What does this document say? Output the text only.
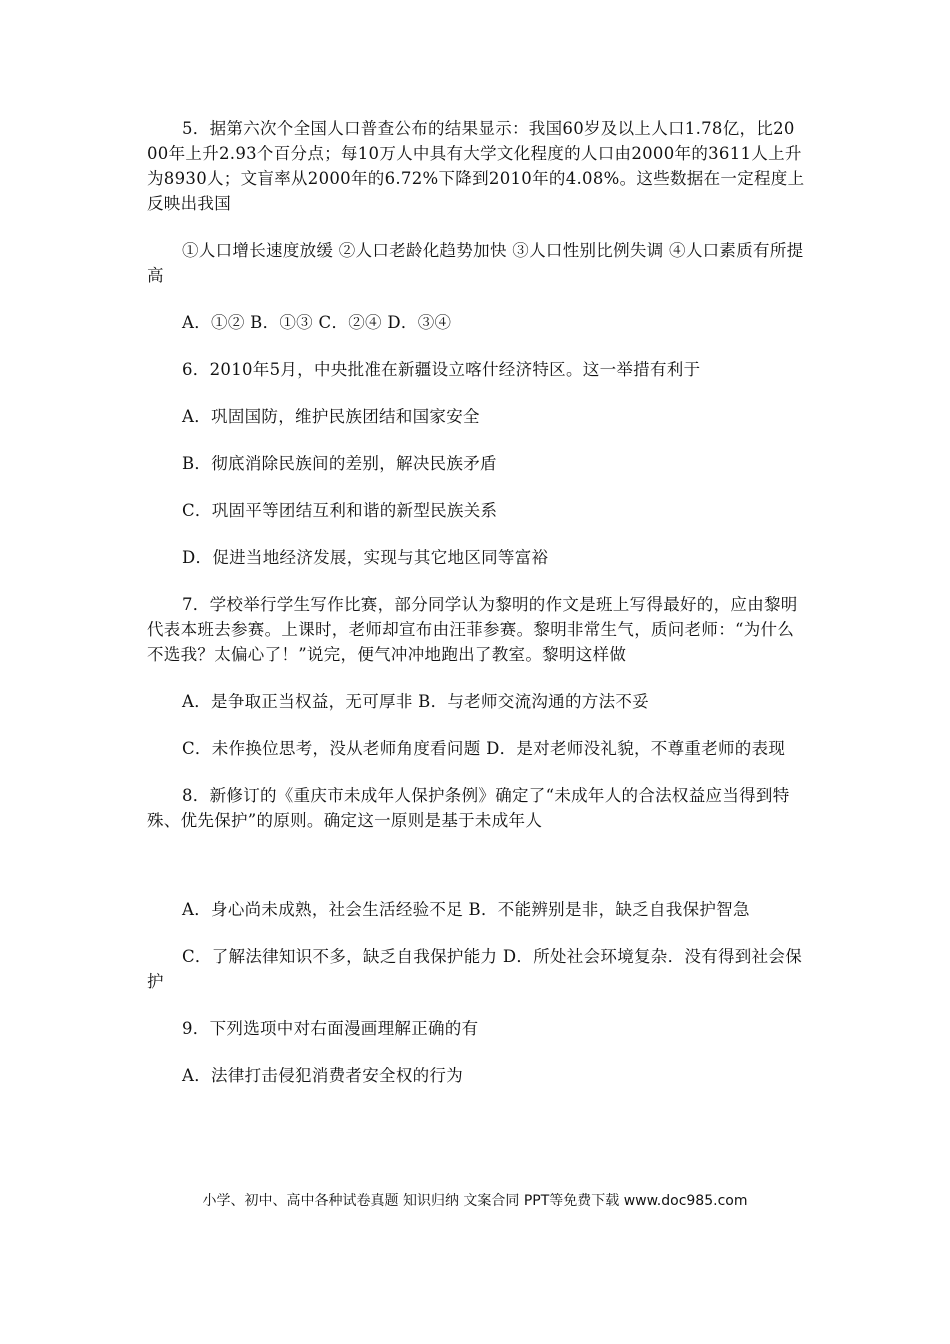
5．据第六次个全国人口普查公布的结果显示：我国60岁及以上人口1.78亿，比2000年上升2.93个百分点；每10万人中具有大学文化程度的人口由2000年的3611人上升为8930人；文盲率从2000年的6.72%下降到2010年的4.08%。这些数据在一定程度上反映出我国

①人口增长速度放缓 ②人口老龄化趋势加快 ③人口性别比例失调 ④人口素质有所提高

A．①② B．①③ C．②④ D．③④

6．2010年5月，中央批准在新疆设立喀什经济特区。这一举措有利于

A．巩固国防，维护民族团结和国家安全

B．彻底消除民族间的差别，解决民族矛盾

C．巩固平等团结互利和谐的新型民族关系

D．促进当地经济发展，实现与其它地区同等富裕

7．学校举行学生写作比赛，部分同学认为黎明的作文是班上写得最好的，应由黎明代表本班去参赛。上课时，老师却宣布由汪菲参赛。黎明非常生气，质问老师：“为什么不选我？太偏心了！”说完，便气冲冲地跑出了教室。黎明这样做

A．是争取正当权益，无可厚非 B．与老师交流沟通的方法不妥

C．未作换位思考，没从老师角度看问题 D．是对老师没礼貌，不尊重老师的表现

8．新修订的《重庆市未成年人保护条例》确定了“未成年人的合法权益应当得到特殊、优先保护”的原则。确定这一原则是基于未成年人

A．身心尚未成熟，社会生活经验不足 B．不能辨别是非，缺乏自我保护智急

C．了解法律知识不多，缺乏自我保护能力 D．所处社会环境复杂．没有得到社会保护

9．下列选项中对右面漫画理解正确的有

A．法律打击侵犯消费者安全权的行为

小学、初中、高中各种试卷真题 知识归纳 文案合同 PPT等免费下载 www.doc985.com
